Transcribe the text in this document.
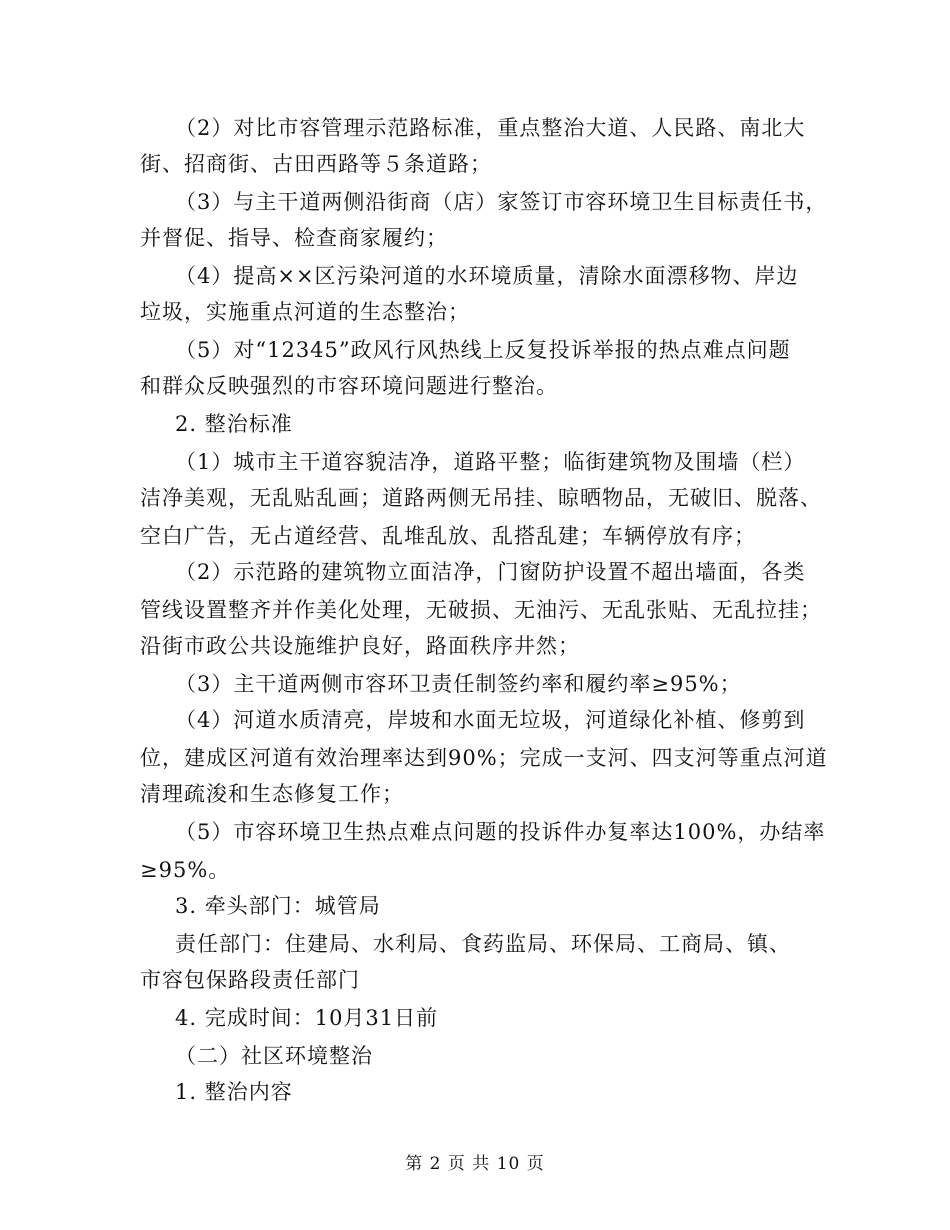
（2）对比市容管理示范路标准，重点整治大道、人民路、南北大
街、招商街、古田西路等５条道路；
（3）与主干道两侧沿街商（店）家签订市容环境卫生目标责任书，
并督促、指导、检查商家履约；
（4）提高××区污染河道的水环境质量，清除水面漂移物、岸边
垃圾，实施重点河道的生态整治；
（5）对“12345”政风行风热线上反复投诉举报的热点难点问题
和群众反映强烈的市容环境问题进行整治。
2. 整治标准
（1）城市主干道容貌洁净，道路平整；临街建筑物及围墙（栏）
洁净美观，无乱贴乱画；道路两侧无吊挂、晾晒物品，无破旧、脱落、
空白广告，无占道经营、乱堆乱放、乱搭乱建；车辆停放有序；
（2）示范路的建筑物立面洁净，门窗防护设置不超出墙面，各类
管线设置整齐并作美化处理，无破损、无油污、无乱张贴、无乱拉挂；
沿街市政公共设施维护良好，路面秩序井然；
（3）主干道两侧市容环卫责任制签约率和履约率≥95%；
（4）河道水质清亮，岸坡和水面无垃圾，河道绿化补植、修剪到
位，建成区河道有效治理率达到90%；完成一支河、四支河等重点河道
清理疏浚和生态修复工作；
（5）市容环境卫生热点难点问题的投诉件办复率达100%，办结率
≥95%。
3. 牵头部门：城管局
责任部门：住建局、水利局、食药监局、环保局、工商局、镇、
市容包保路段责任部门
4. 完成时间：10月31日前
（二）社区环境整治
1. 整治内容
第 2 页 共 10 页
